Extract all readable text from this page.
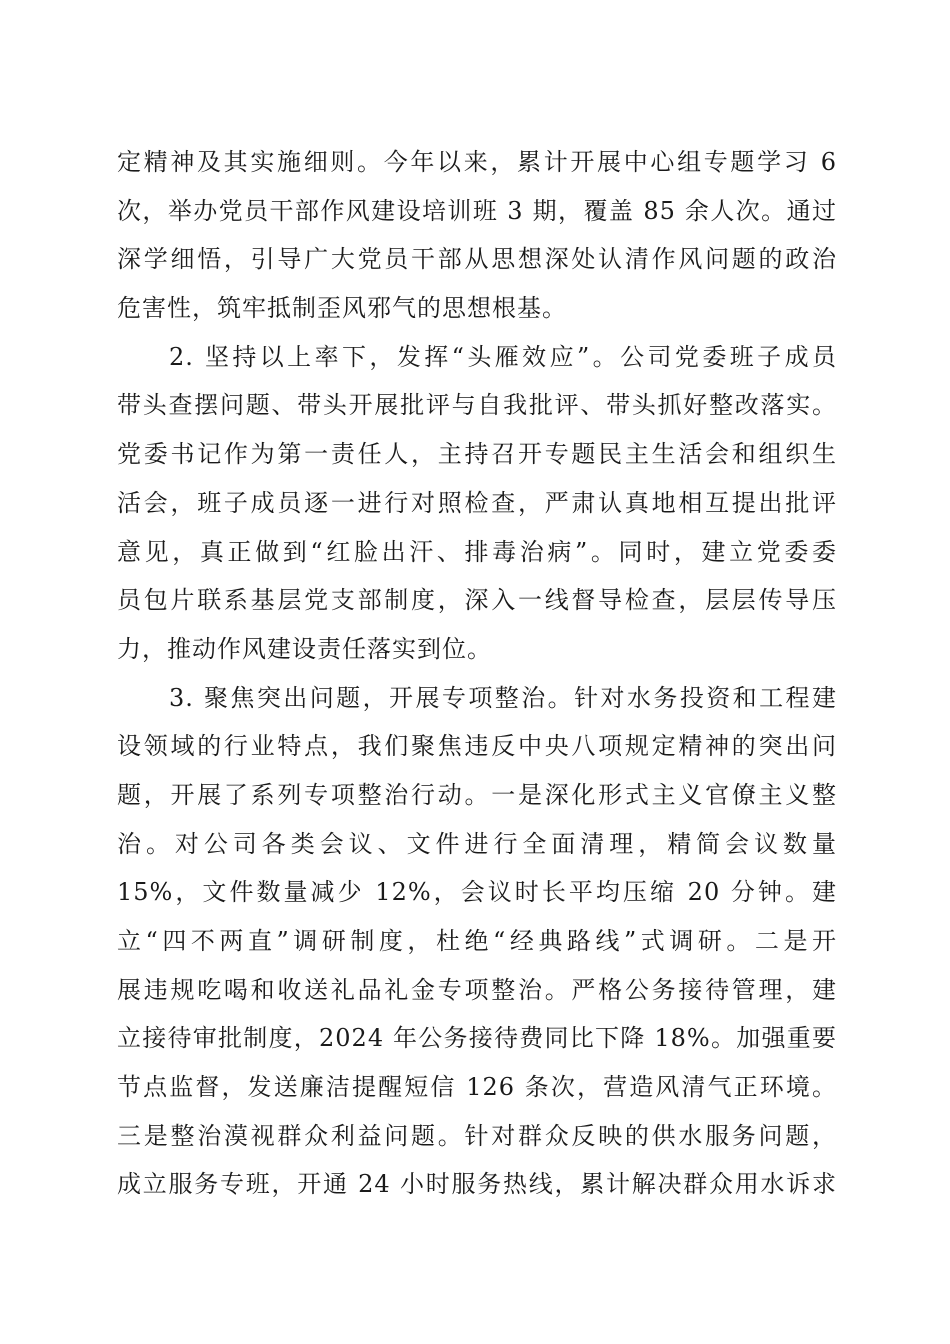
定精神及其实施细则。今年以来，累计开展中心组专题学习 6
次，举办党员干部作风建设培训班 3 期，覆盖 85 余人次。通过
深学细悟，引导广大党员干部从思想深处认清作风问题的政治
危害性，筑牢抵制歪风邪气的思想根基。
2. 坚持以上率下，发挥“头雁效应”。公司党委班子成员
带头查摆问题、带头开展批评与自我批评、带头抓好整改落实。
党委书记作为第一责任人，主持召开专题民主生活会和组织生
活会，班子成员逐一进行对照检查，严肃认真地相互提出批评
意见，真正做到“红脸出汗、排毒治病”。同时，建立党委委
员包片联系基层党支部制度，深入一线督导检查，层层传导压
力，推动作风建设责任落实到位。
3. 聚焦突出问题，开展专项整治。针对水务投资和工程建
设领域的行业特点，我们聚焦违反中央八项规定精神的突出问
题，开展了系列专项整治行动。一是深化形式主义官僚主义整
治。对公司各类会议、文件进行全面清理，精简会议数量
15%，文件数量减少 12%，会议时长平均压缩 20 分钟。建
立“四不两直”调研制度，杜绝“经典路线”式调研。二是开
展违规吃喝和收送礼品礼金专项整治。严格公务接待管理，建
立接待审批制度，2024 年公务接待费同比下降 18%。加强重要
节点监督，发送廉洁提醒短信 126 条次，营造风清气正环境。
三是整治漠视群众利益问题。针对群众反映的供水服务问题，
成立服务专班，开通 24 小时服务热线，累计解决群众用水诉求
